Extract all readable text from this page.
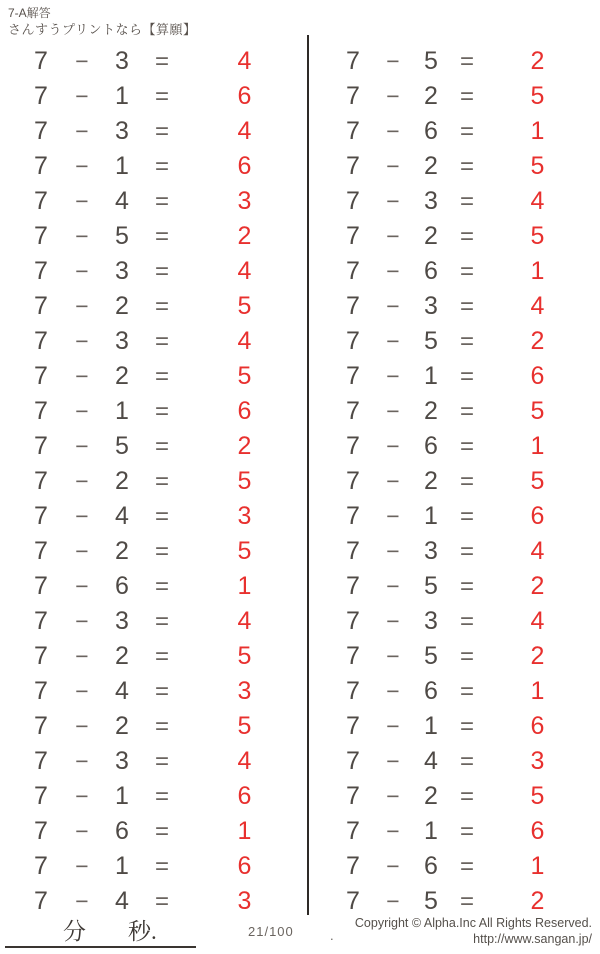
7-A解答
さんすうプリントなら【算願】
7	−	3	=	4
7	−	1	=	6
7	−	3	=	4
7	−	1	=	6
7	−	4	=	3
7	−	5	=	2
7	−	3	=	4
7	−	2	=	5
7	−	3	=	4
7	−	2	=	5
7	−	1	=	6
7	−	5	=	2
7	−	2	=	5
7	−	4	=	3
7	−	2	=	5
7	−	6	=	1
7	−	3	=	4
7	−	2	=	5
7	−	4	=	3
7	−	2	=	5
7	−	3	=	4
7	−	1	=	6
7	−	6	=	1
7	−	1	=	6
7	−	4	=	3
7	− 5 =	2
7	− 2 =	5
7	− 6 =	1
7	− 2 =	5
7	− 3 =	4
7	− 2 =	5
7	− 6 =	1
7	− 3 =	4
7	− 5 =	2
7	− 1 =	6
7	− 2 =	5
7	− 6 =	1
7	− 2 =	5
7	− 1 =	6
7	− 3 =	4
7	− 5 =	2
7	− 3 =	4
7	− 5 =	2
7	− 6 =	1
7	− 1 =	6
7	− 4 =	3
7	− 2 =	5
7	− 1 =	6
7	− 6 =	1
7	− 5 =	2
分 秒.	21/100	.
Copyright © Alpha.Inc All Rights Reserved.
http://www.sangan.jp/
